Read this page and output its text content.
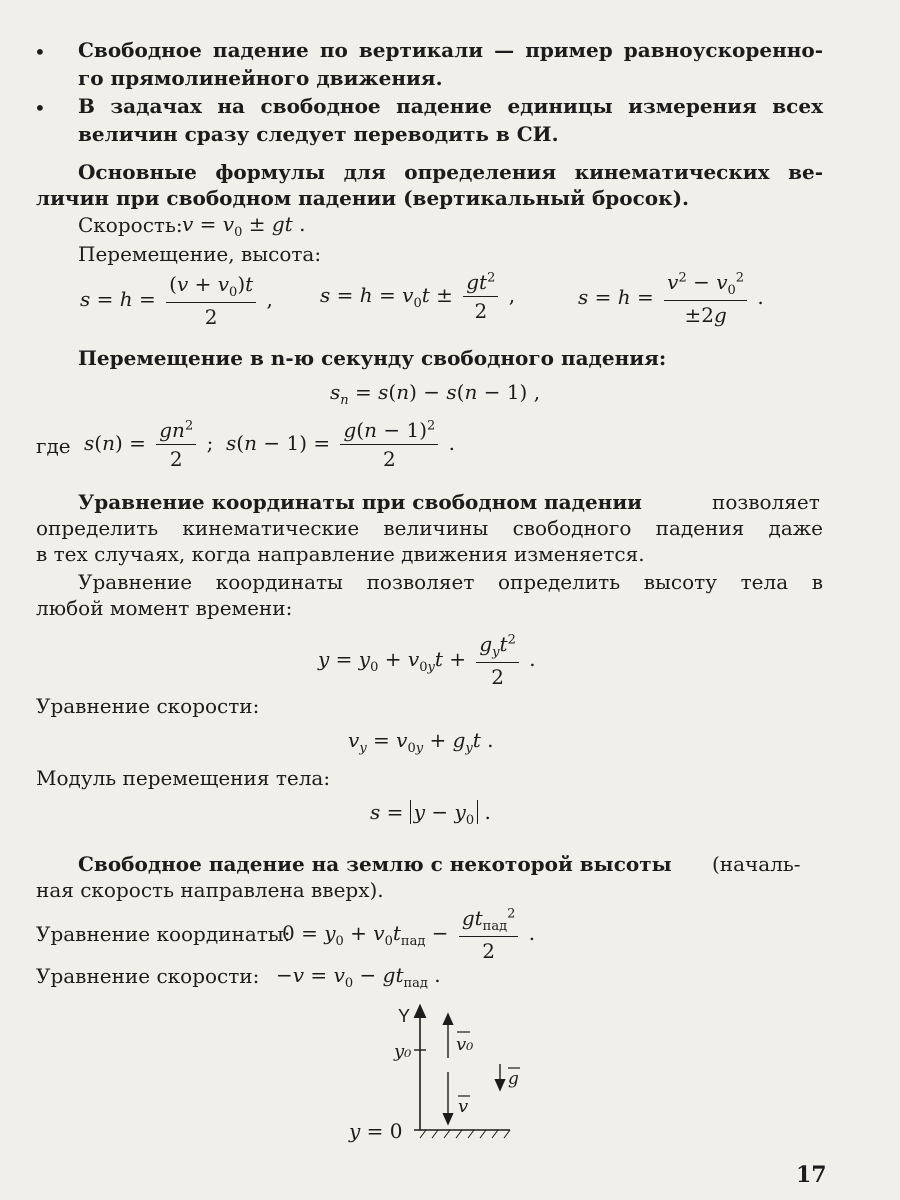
• Свободное падение по вертикали — пример равноускоренно-
го прямолинейного движения.
• В задачах на свободное падение единицы измерения всех
величин сразу следует переводить в СИ.
Основные формулы для определения кинематических ве-
личин при свободном падении (вертикальный бросок).
Скорость: $v = v_0$ ± gt .
Перемещение, высота:
$s = h = \frac{(v + v_0)t}{2}$ , $s = h = v_0t \pm \frac{gt^2}{2}$ ,	$s = h = \frac{v^2 - v_0^2}{\pm 2g}$ .
Перемещение в n-ю секунду свободного падения:
$s_n = s(n) - s(n - 1)$ ,
где $s(n) = \frac{gn^2}{2}$ ;  $s(n - 1) = \frac{g(n - 1)^2}{2}$ .
Уравнение координаты при свободном падении	позволяет
определить кинематические величины свободного падения даже
в тех случаях, когда направление движения изменяется.
Уравнение координаты позволяет определить высоту тела в
любой момент времени:
$y = y_0 + v_{0y}t + \frac{g_yt^2}{2}$ .
Уравнение скорости:
$v_y = v_{0y} + g_yt$ .
Модуль перемещения тела:
$s = y - y_0$ .
Свободное падение на землю с некоторой высоты (началь-
ная скорость направлена вверх).
Уравнение координаты:
$0 = y_0 + v_0t_{пад} - \frac{gt_{пад}^2}{2}$ .
Уравнение скорости: $-v = v_0 - gt_{пад}$ .
Y
y₀ v₀
g
v
y = 0
17
